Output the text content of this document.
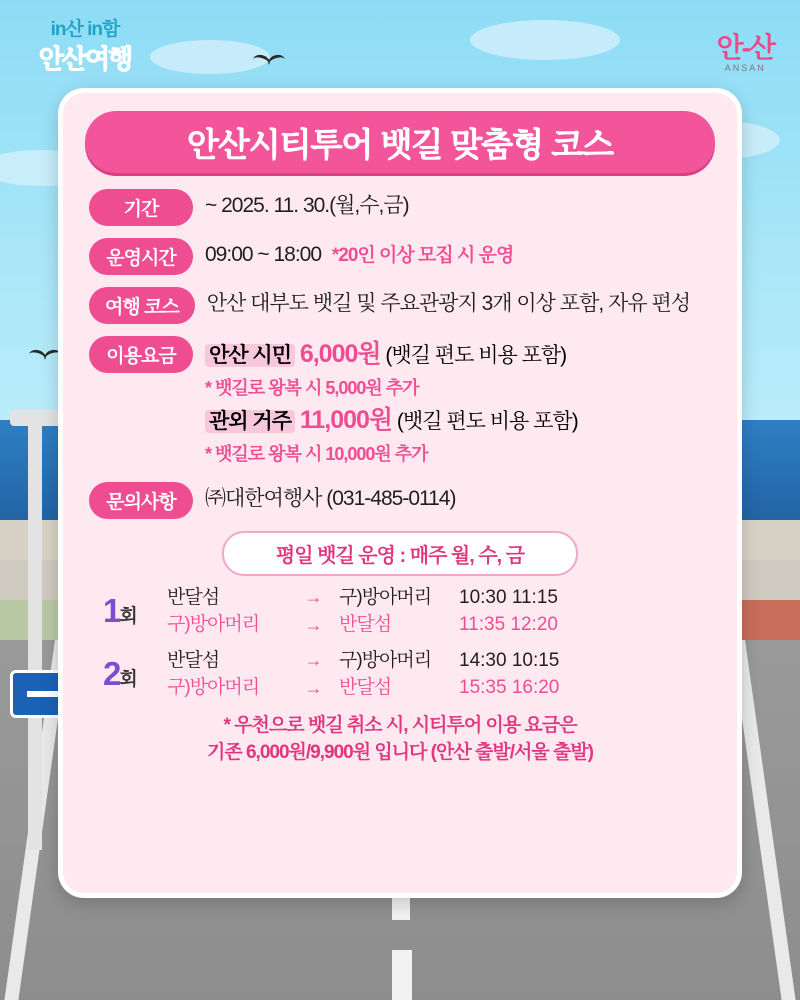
in산 in함
안산여행	안-산
ANSAN
안산시티투어 뱃길 맞춤형 코스
기간	~ 2025. 11. 30.(월,수,금)
운영시간	09:00 ~ 18:00 *20인 이상 모집 시 운영
여행 코스	안산 대부도 뱃길 및 주요관광지 3개 이상 포함, 자유 편성
이용요금	안산 시민 6,000원 (뱃길 편도 비용 포함)
* 뱃길로 왕복 시 5,000원 추가
관외 거주 11,000원 (뱃길 편도 비용 포함)
* 뱃길로 왕복 시 10,000원 추가
문의사항	㈜대한여행사 (031-485-0114)
평일 뱃길 운영 : 매주 월, 수, 금
1회
반달섬	→ 구)방아머리	10:30 11:15
구)방아머리	→ 반달섬	11:35 12:20
2회
반달섬	→ 구)방아머리	14:30 10:15
구)방아머리	→ 반달섬	15:35 16:20
* 우천으로 뱃길 취소 시, 시티투어 이용 요금은
기존 6,000원/9,900원 입니다 (안산 출발/서울 출발)
